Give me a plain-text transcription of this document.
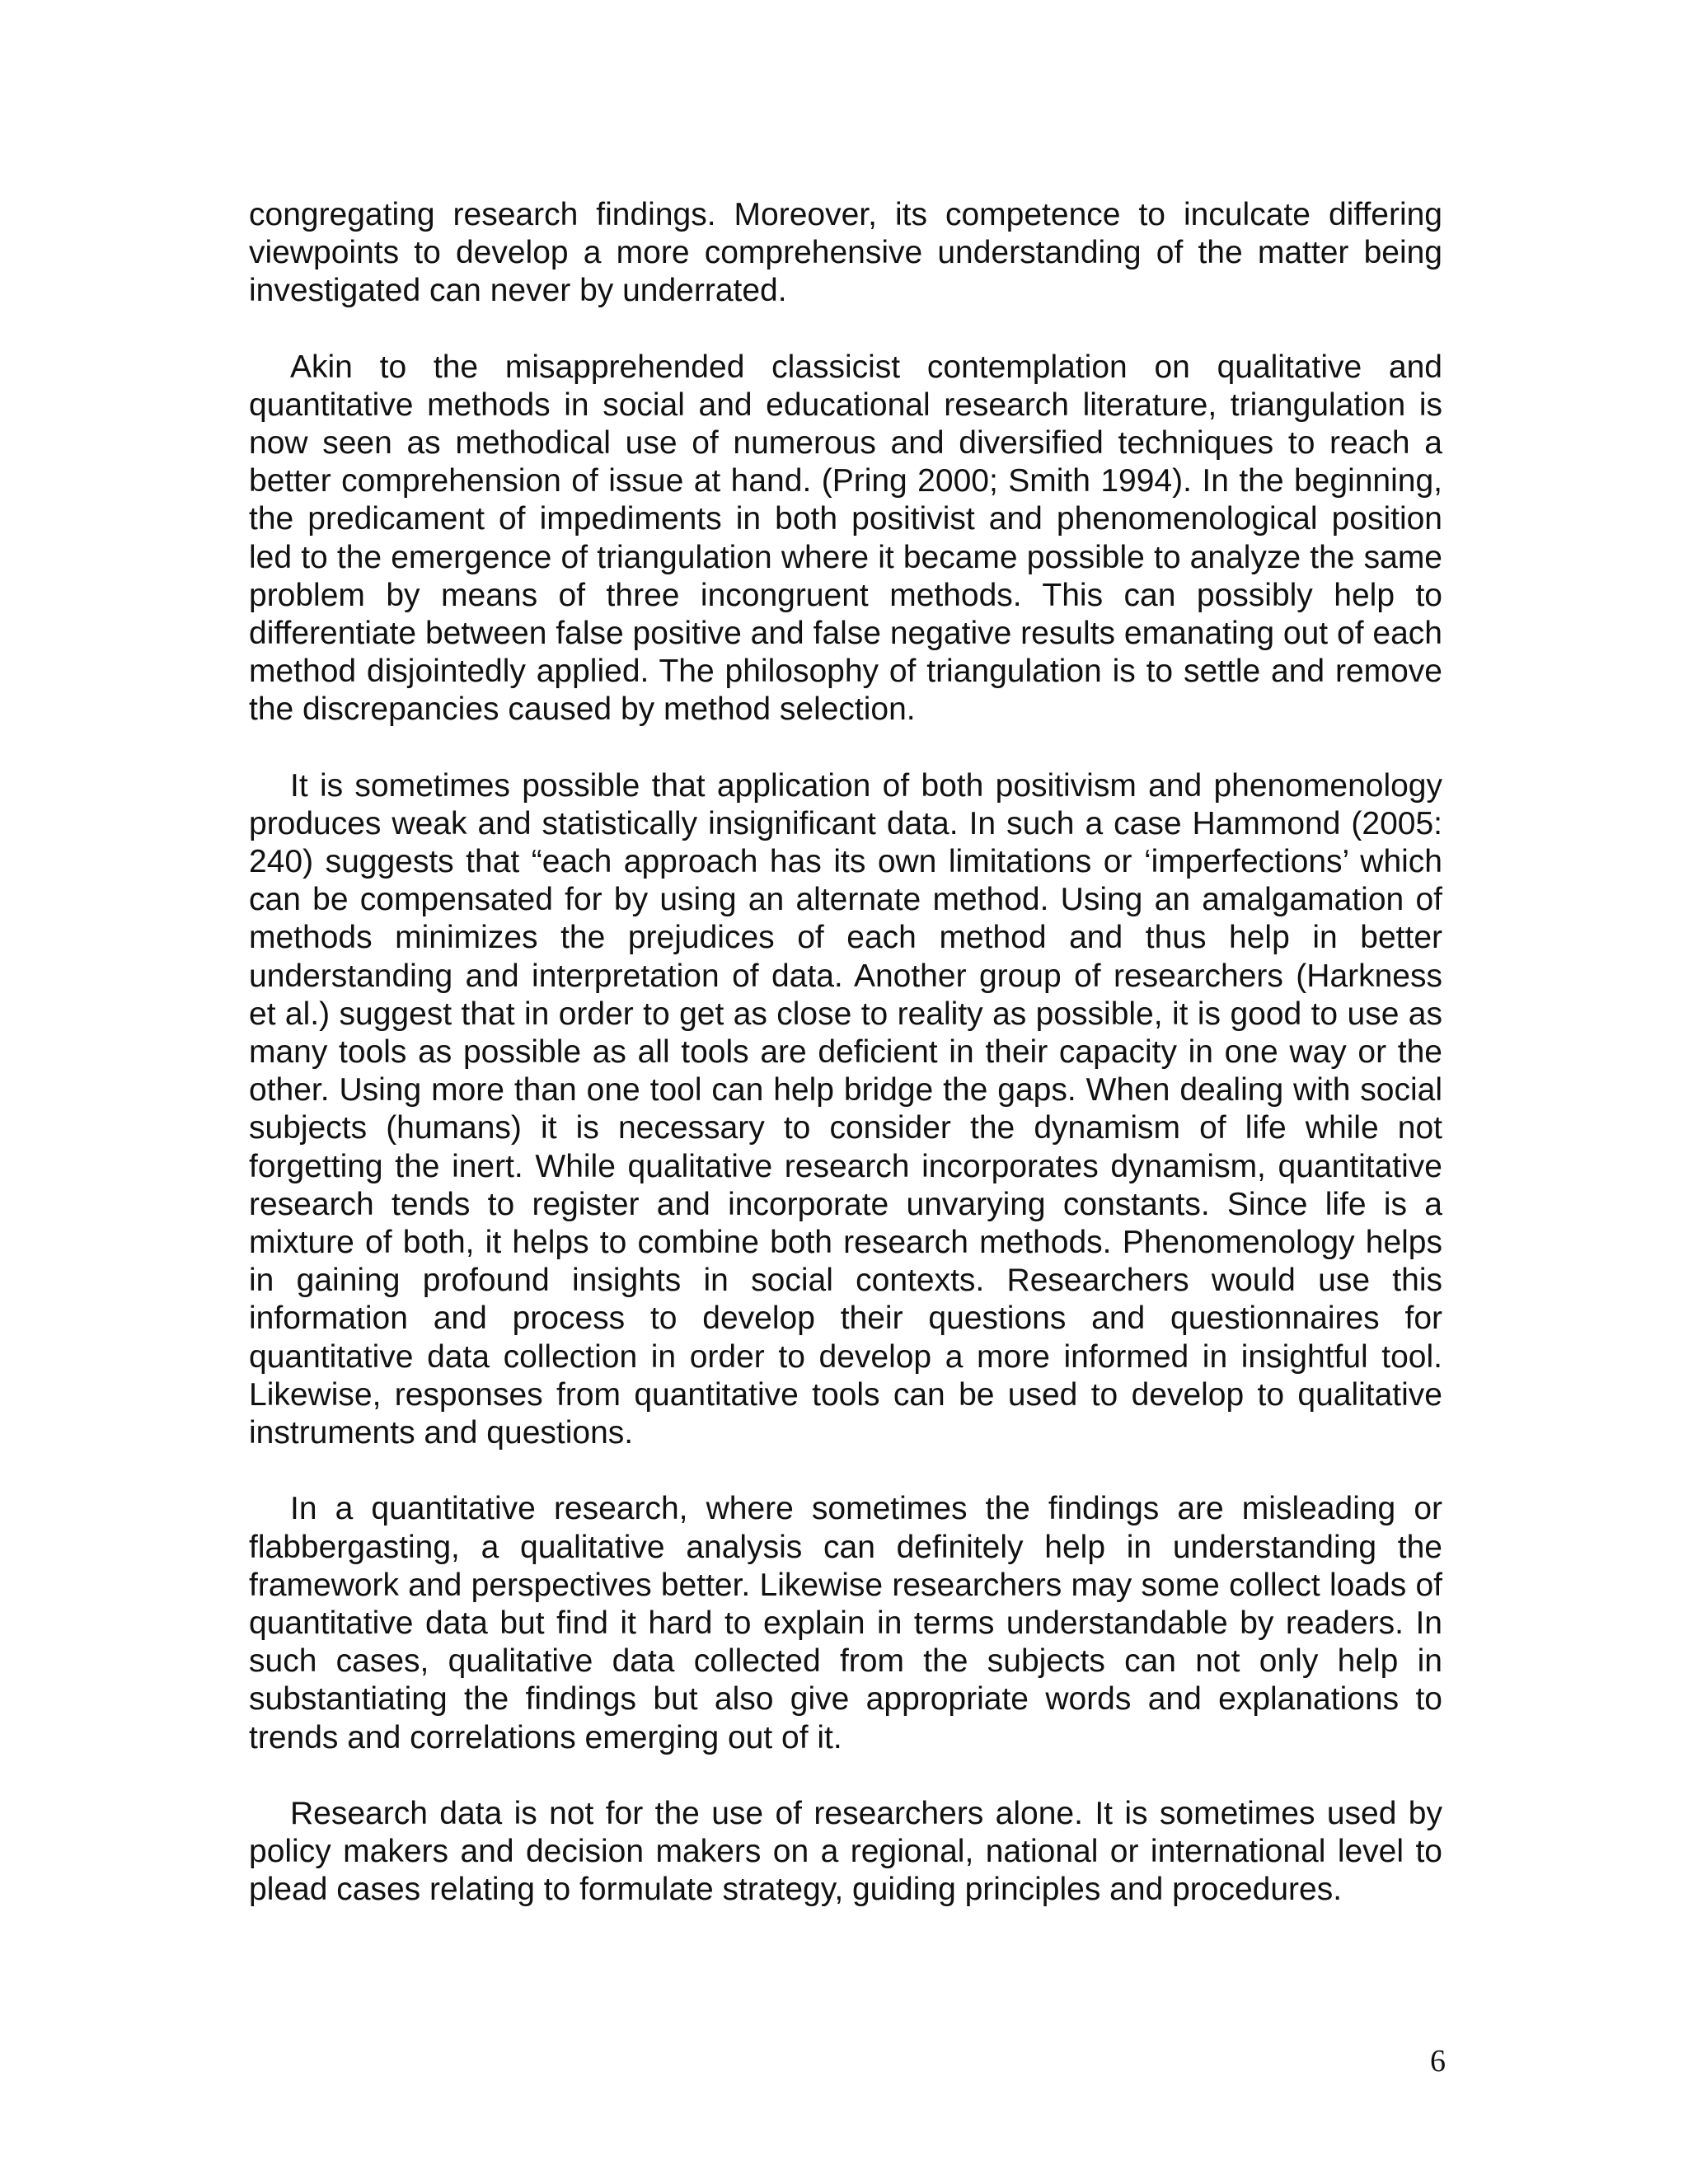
congregating research findings. Moreover, its competence to inculcate differing viewpoints to develop a more comprehensive understanding of the matter being investigated can never by underrated.

Akin to the misapprehended classicist contemplation on qualitative and quantitative methods in social and educational research literature, triangulation is now seen as methodical use of numerous and diversified techniques to reach a better comprehension of issue at hand. (Pring 2000; Smith 1994). In the beginning, the predicament of impediments in both positivist and phenomenological position led to the emergence of triangulation where it became possible to analyze the same problem by means of three incongruent methods. This can possibly help to differentiate between false positive and false negative results emanating out of each method disjointedly applied. The philosophy of triangulation is to settle and remove the discrepancies caused by method selection.

It is sometimes possible that application of both positivism and phenomenology produces weak and statistically insignificant data. In such a case Hammond (2005: 240) suggests that “each approach has its own limitations or ‘imperfections’ which can be compensated for by using an alternate method. Using an amalgamation of methods minimizes the prejudices of each method and thus help in better understanding and interpretation of data. Another group of researchers (Harkness et al.) suggest that in order to get as close to reality as possible, it is good to use as many tools as possible as all tools are deficient in their capacity in one way or the other. Using more than one tool can help bridge the gaps. When dealing with social subjects (humans) it is necessary to consider the dynamism of life while not forgetting the inert. While qualitative research incorporates dynamism, quantitative research tends to register and incorporate unvarying constants. Since life is a mixture of both, it helps to combine both research methods. Phenomenology helps in gaining profound insights in social contexts. Researchers would use this information and process to develop their questions and questionnaires for quantitative data collection in order to develop a more informed in insightful tool. Likewise, responses from quantitative tools can be used to develop to qualitative instruments and questions.

In a quantitative research, where sometimes the findings are misleading or flabbergasting, a qualitative analysis can definitely help in understanding the framework and perspectives better. Likewise researchers may some collect loads of quantitative data but find it hard to explain in terms understandable by readers. In such cases, qualitative data collected from the subjects can not only help in substantiating the findings but also give appropriate words and explanations to trends and correlations emerging out of it.

Research data is not for the use of researchers alone. It is sometimes used by policy makers and decision makers on a regional, national or international level to plead cases relating to formulate strategy, guiding principles and procedures.

6
